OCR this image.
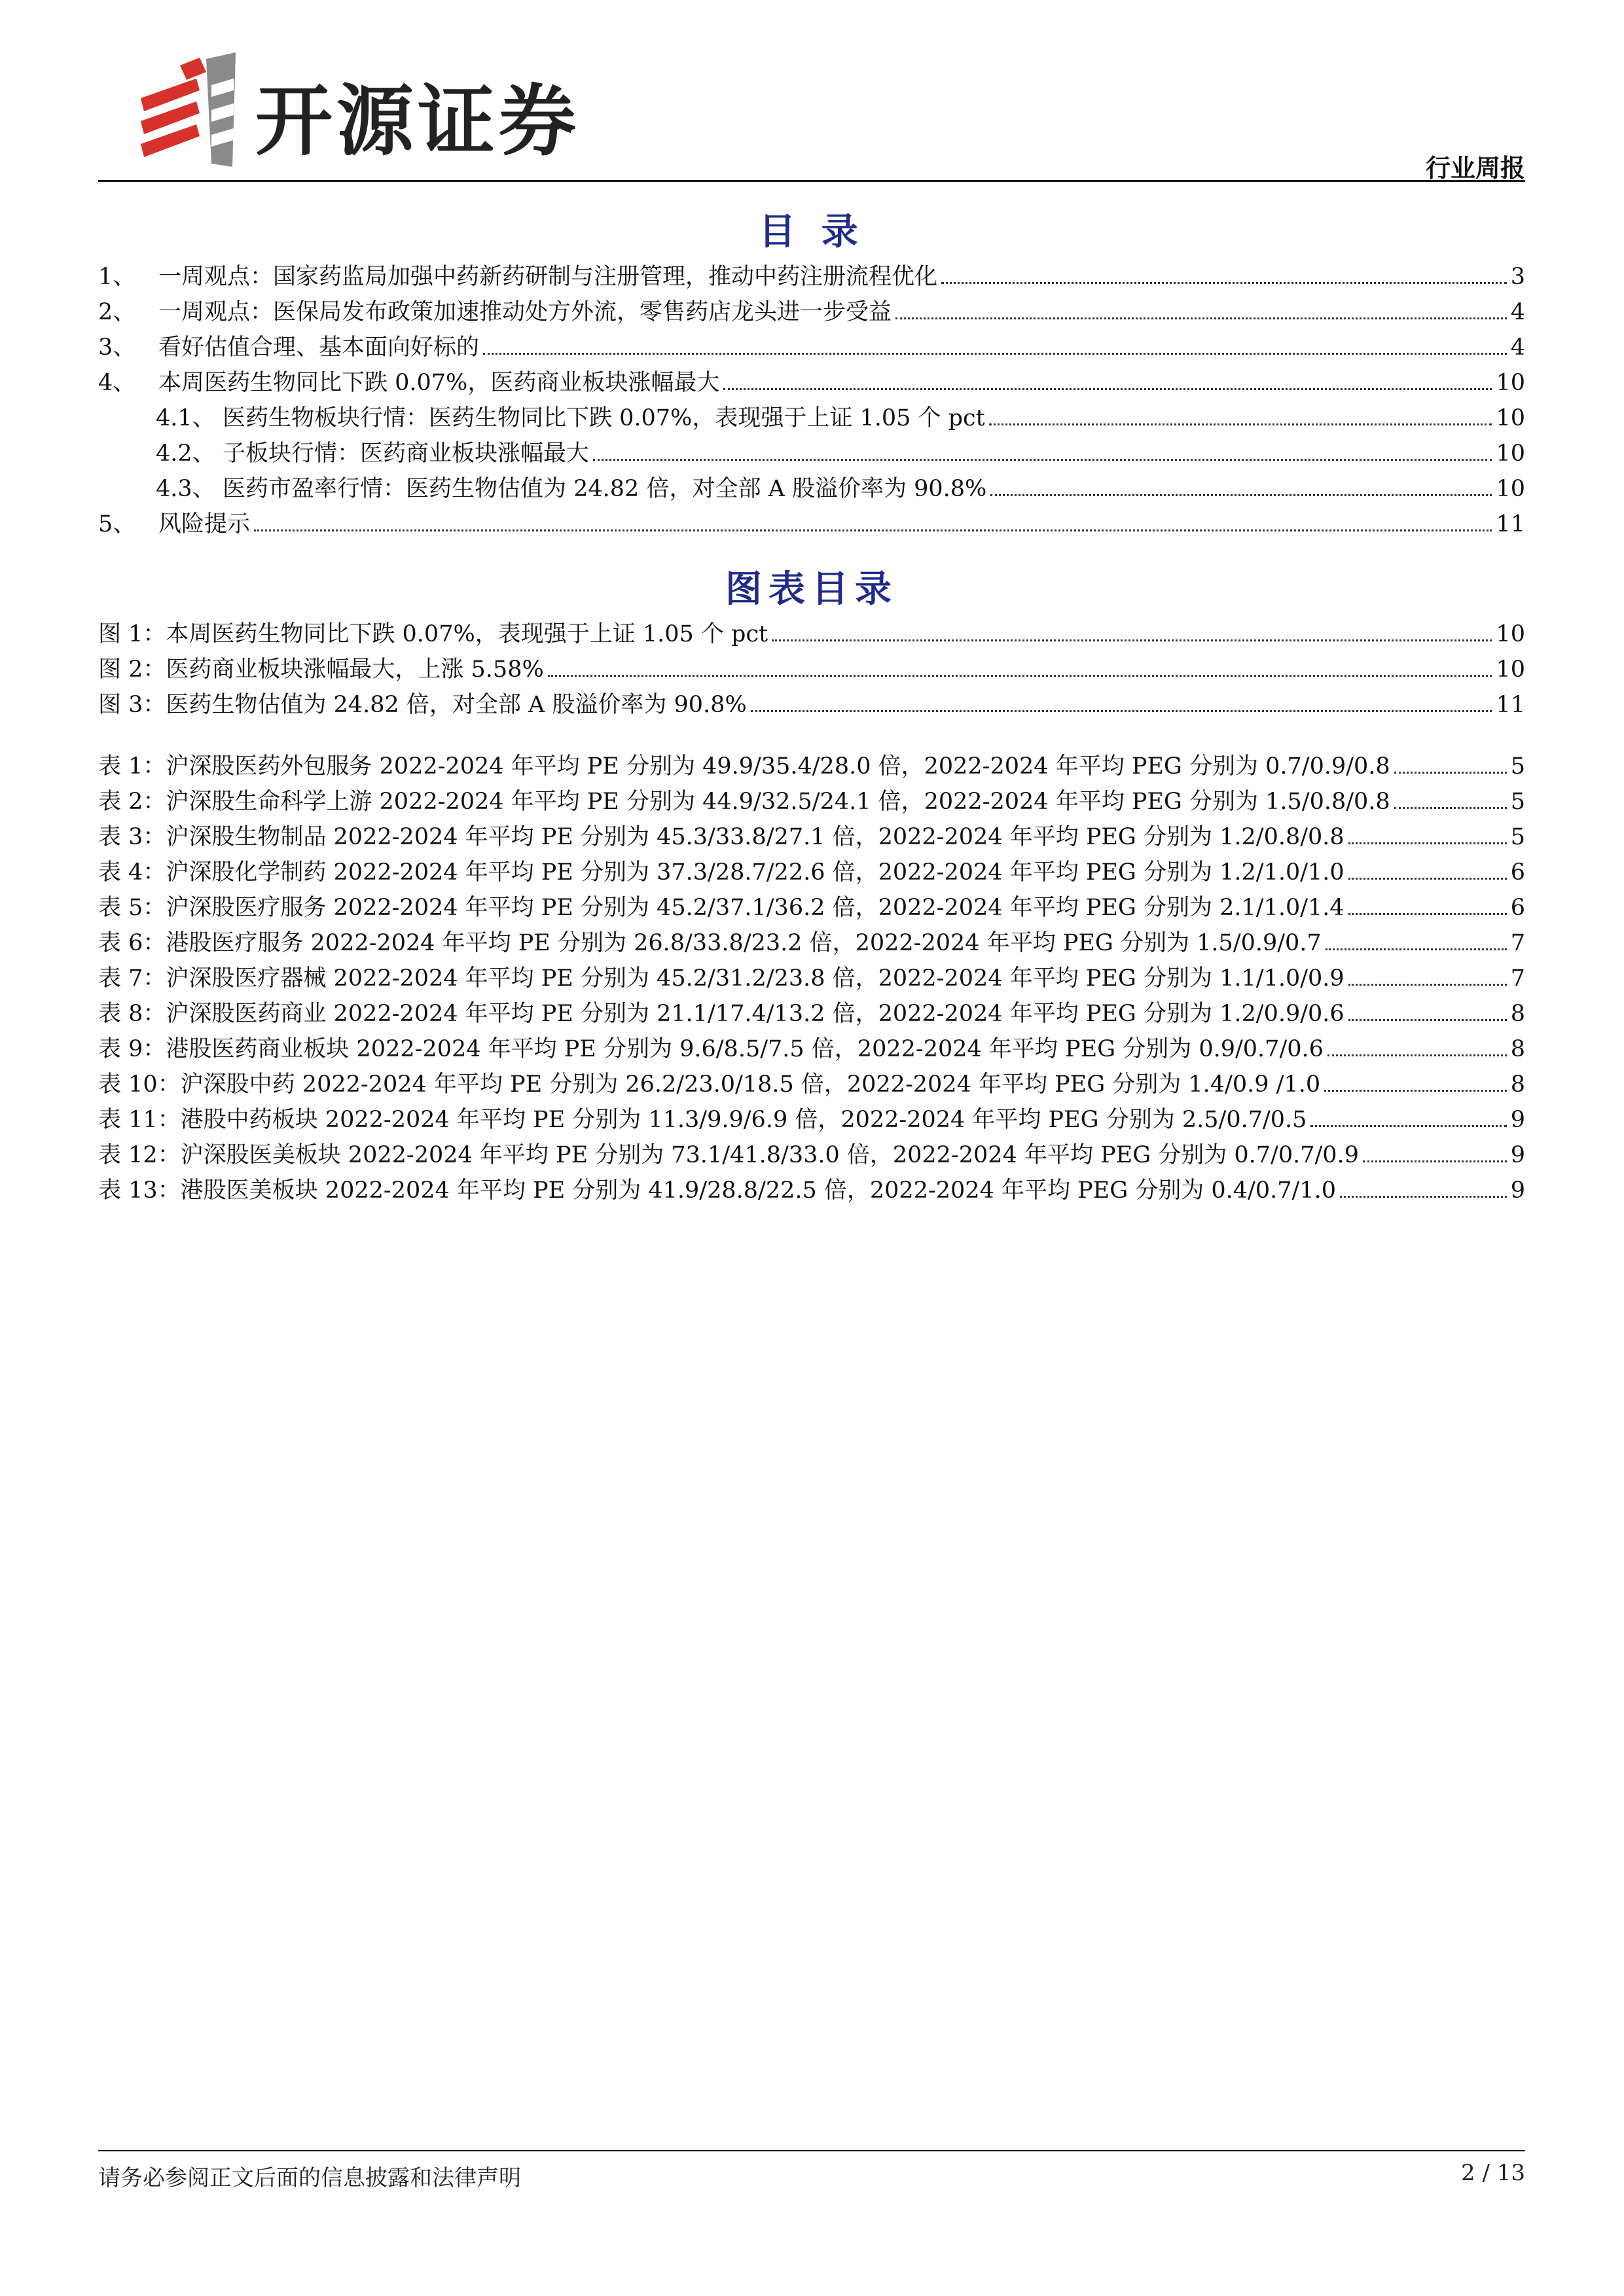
开源证券
行业周报
目 录
1、 一周观点：国家药监局加强中药新药研制与注册管理，推动中药注册流程优化	3
2、 一周观点：医保局发布政策加速推动处方外流，零售药店龙头进一步受益	4
3、 看好估值合理、基本面向好标的	4
4、 本周医药生物同比下跌 0.07%，医药商业板块涨幅最大	10
4.1、 医药生物板块行情：医药生物同比下跌 0.07%，表现强于上证 1.05 个 pct	10
4.2、 子板块行情：医药商业板块涨幅最大	10
4.3、 医药市盈率行情：医药生物估值为 24.82 倍，对全部 A 股溢价率为 90.8%	10
5、 风险提示	11
图表目录
图 1：本周医药生物同比下跌 0.07%，表现强于上证 1.05 个 pct	10
图 2：医药商业板块涨幅最大，上涨 5.58%	10
图 3：医药生物估值为 24.82 倍，对全部 A 股溢价率为 90.8%	11
表 1：沪深股医药外包服务 2022-2024 年平均 PE 分别为 49.9/35.4/28.0 倍，2022-2024 年平均 PEG 分别为 0.7/0.9/0.8	5
表 2：沪深股生命科学上游 2022-2024 年平均 PE 分别为 44.9/32.5/24.1 倍，2022-2024 年平均 PEG 分别为 1.5/0.8/0.8	5
表 3：沪深股生物制品 2022-2024 年平均 PE 分别为 45.3/33.8/27.1 倍，2022-2024 年平均 PEG 分别为 1.2/0.8/0.8	5
表 4：沪深股化学制药 2022-2024 年平均 PE 分别为 37.3/28.7/22.6 倍，2022-2024 年平均 PEG 分别为 1.2/1.0/1.0	6
表 5：沪深股医疗服务 2022-2024 年平均 PE 分别为 45.2/37.1/36.2 倍，2022-2024 年平均 PEG 分别为 2.1/1.0/1.4	6
表 6：港股医疗服务 2022-2024 年平均 PE 分别为 26.8/33.8/23.2 倍，2022-2024 年平均 PEG 分别为 1.5/0.9/0.7	7
表 7：沪深股医疗器械 2022-2024 年平均 PE 分别为 45.2/31.2/23.8 倍，2022-2024 年平均 PEG 分别为 1.1/1.0/0.9	7
表 8：沪深股医药商业 2022-2024 年平均 PE 分别为 21.1/17.4/13.2 倍，2022-2024 年平均 PEG 分别为 1.2/0.9/0.6	8
表 9：港股医药商业板块 2022-2024 年平均 PE 分别为 9.6/8.5/7.5 倍，2022-2024 年平均 PEG 分别为 0.9/0.7/0.6	8
表 10：沪深股中药 2022-2024 年平均 PE 分别为 26.2/23.0/18.5 倍，2022-2024 年平均 PEG 分别为 1.4/0.9 /1.0	8
表 11：港股中药板块 2022-2024 年平均 PE 分别为 11.3/9.9/6.9 倍，2022-2024 年平均 PEG 分别为 2.5/0.7/0.5	9
表 12：沪深股医美板块 2022-2024 年平均 PE 分别为 73.1/41.8/33.0 倍，2022-2024 年平均 PEG 分别为 0.7/0.7/0.9	9
表 13：港股医美板块 2022-2024 年平均 PE 分别为 41.9/28.8/22.5 倍，2022-2024 年平均 PEG 分别为 0.4/0.7/1.0	9
请务必参阅正文后面的信息披露和法律声明	2 / 13
